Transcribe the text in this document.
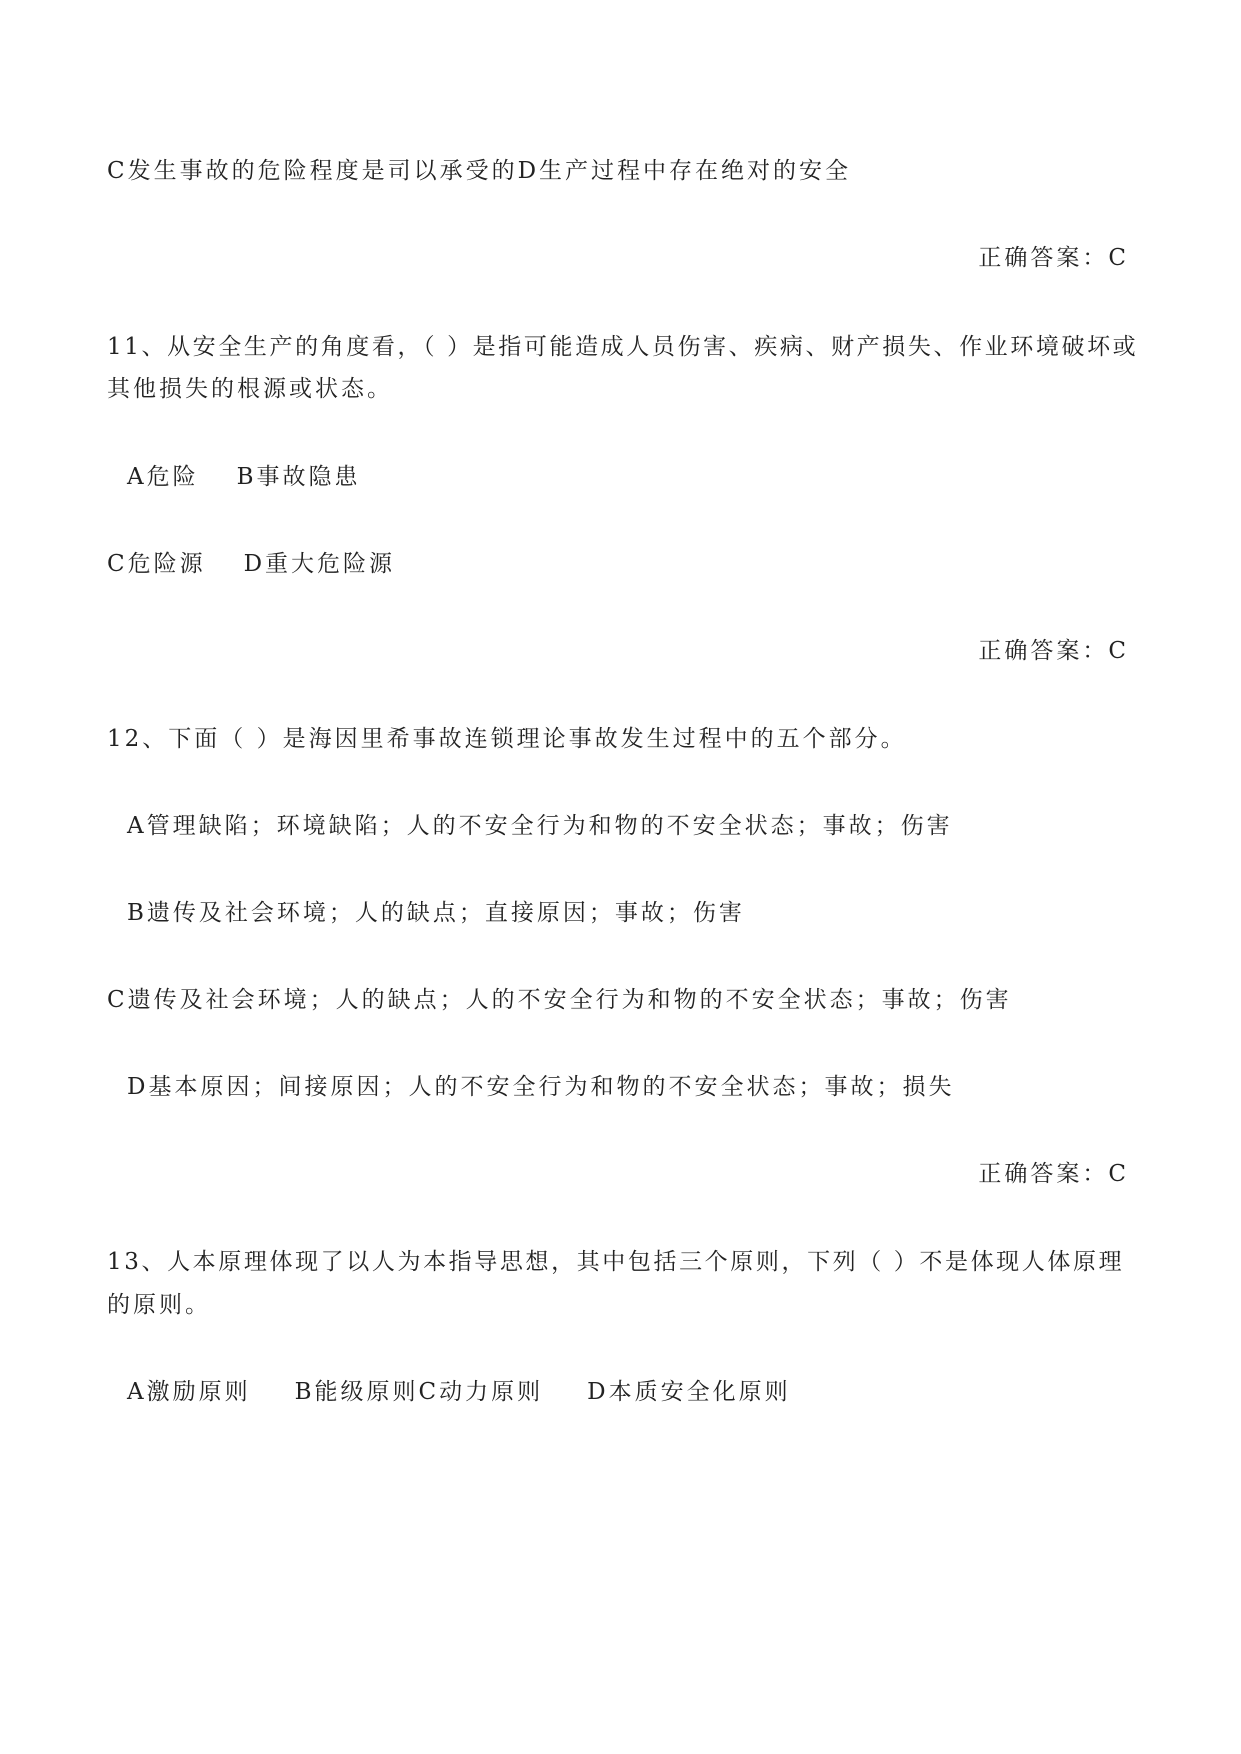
C发生事故的危险程度是司以承受的D生产过程中存在绝对的安全
正确答案：C
11、从安全生产的角度看，（ ）是指可能造成人员伤害、疾病、财产损失、作业环境破坏或
其他损失的根源或状态。
A危险 B事故隐患
C危险源 D重大危险源
正确答案：C
12、下面（ ）是海因里希事故连锁理论事故发生过程中的五个部分。
A管理缺陷；环境缺陷；人的不安全行为和物的不安全状态；事故；伤害
B遗传及社会环境；人的缺点；直接原因；事故；伤害
C遗传及社会环境；人的缺点；人的不安全行为和物的不安全状态；事故；伤害
D基本原因；间接原因；人的不安全行为和物的不安全状态；事故；损失
正确答案：C
13、人本原理体现了以人为本指导思想，其中包括三个原则，下列（ ）不是体现人体原理
的原则。
A激励原则 B能级原则C动力原则 D本质安全化原则
